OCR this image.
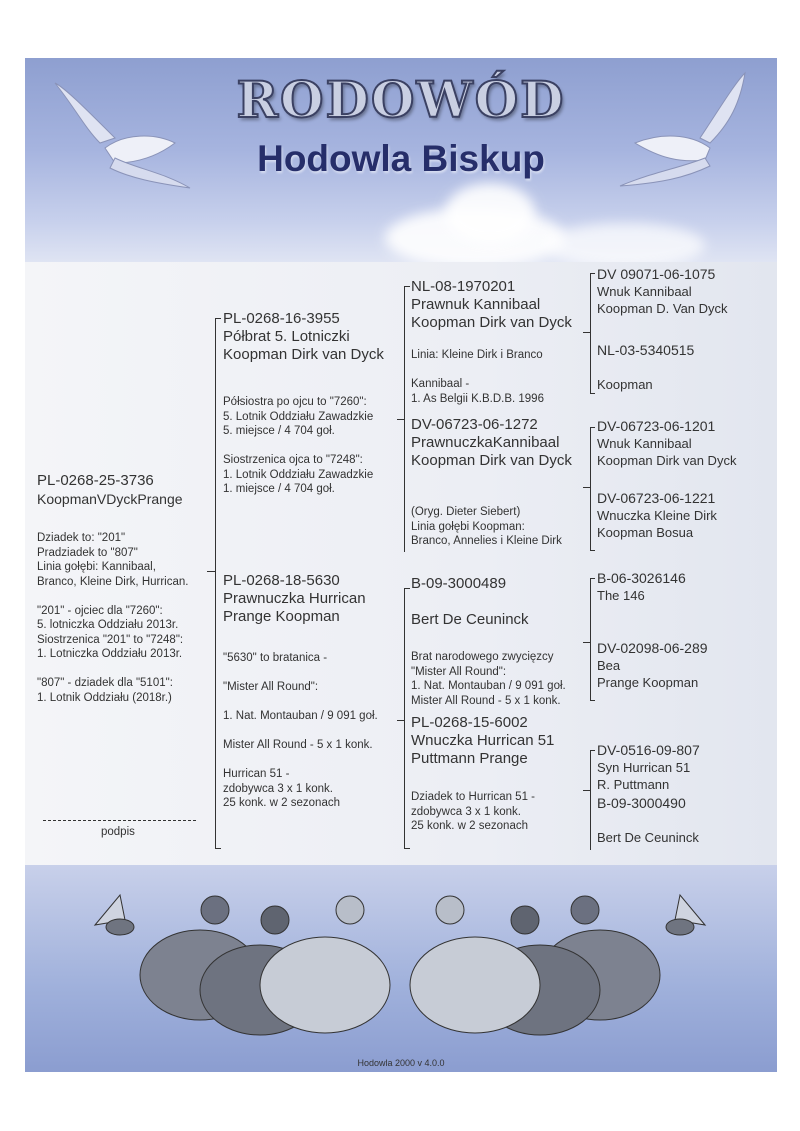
RODOWÓD
Hodowla Biskup
Hodowla 2000 v 4.0.0
PL-0268-25-3736
KoopmanVDyckPrange
Dziadek to: "201"
Pradziadek to "807"
Linia gołębi: Kannibaal,
Branco, Kleine Dirk, Hurrican.
"201" - ojciec dla "7260":
5. lotniczka Oddziału 2013r.
Siostrzenica "201" to "7248":
1. Lotniczka Oddziału 2013r.
"807" - dziadek dla "5101":
1. Lotnik Oddziału (2018r.)
podpis
PL-0268-16-3955
Półbrat 5. Lotniczki
Koopman Dirk van Dyck
Półsiostra po ojcu to "7260":
5. Lotnik Oddziału Zawadzkie
5. miejsce / 4 704 goł.
Siostrzenica ojca to "7248":
1. Lotnik Oddziału Zawadzkie
1. miejsce / 4 704 goł.
PL-0268-18-5630
Prawnuczka Hurrican
Prange Koopman
"5630" to bratanica -
"Mister All Round":
1. Nat. Montauban / 9 091 goł.
Mister All Round - 5 x 1 konk.
Hurrican 51 -
zdobywca 3 x 1 konk.
25 konk. w 2 sezonach
NL-08-1970201
Prawnuk Kannibaal
Koopman Dirk van Dyck
Linia: Kleine Dirk i Branco
Kannibaal -
1. As Belgii K.B.D.B. 1996
DV-06723-06-1272
PrawnuczkaKannibaal
Koopman Dirk van Dyck
(Oryg. Dieter Siebert)
Linia gołębi Koopman:
Branco, Annelies i Kleine Dirk
B-09-3000489
Bert De Ceuninck
Brat narodowego zwycięzcy
"Mister All Round":
1. Nat. Montauban / 9 091 goł.
Mister All Round - 5 x 1 konk.
PL-0268-15-6002
Wnuczka Hurrican 51
Puttmann Prange
Dziadek to Hurrican 51 -
zdobywca 3 x 1 konk.
25 konk. w 2 sezonach
DV 09071-06-1075
Wnuk Kannibaal
Koopman D. Van Dyck
NL-03-5340515
Koopman
DV-06723-06-1201
Wnuk Kannibaal
Koopman Dirk van Dyck
DV-06723-06-1221
Wnuczka Kleine Dirk
Koopman Bosua
B-06-3026146
The 146
DV-02098-06-289
Bea
Prange Koopman
DV-0516-09-807
Syn Hurrican 51
R. Puttmann
B-09-3000490
Bert De Ceuninck
